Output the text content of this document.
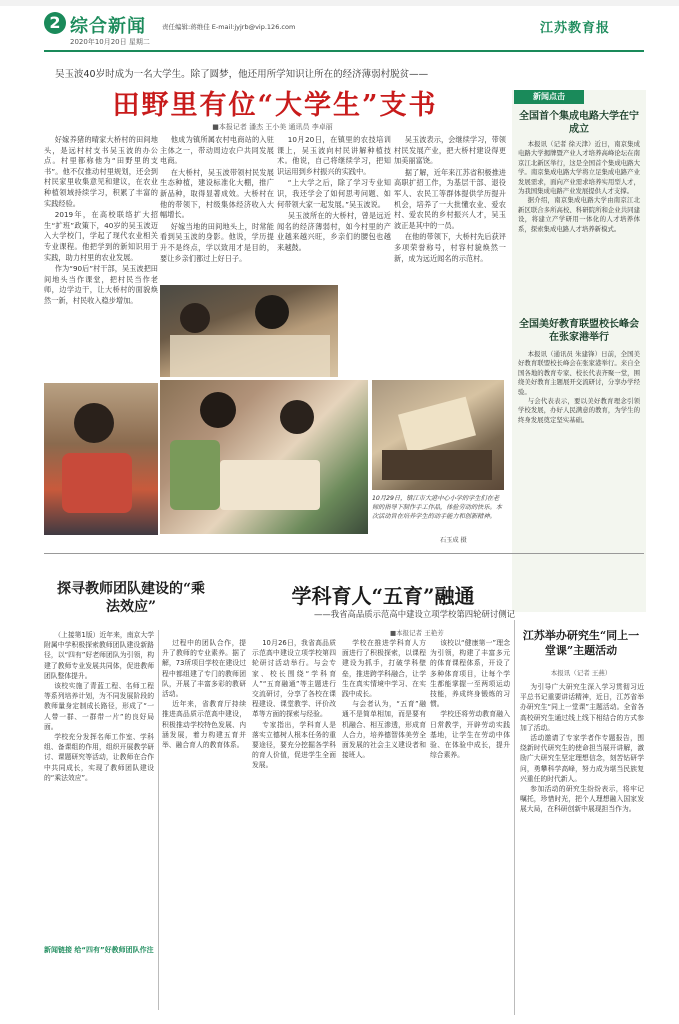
2 综合新闻
2020年10月20日 星期二
责任编辑:蒋维佳 E-mail:jyjrb@vip.126.com	江苏教育报
吴玉波40岁时成为一名大学生。除了圆梦，他还用所学知识让所在的经济薄弱村脱贫——
田野里有位“大学生”支书
■本报记者 潘杰 王小美 通讯员 李卓丽

好嫁养猪的晴家大桥村的田间地头，是远村村支书吴玉波的办公点。村里都称他为“田野里的支书”。他不仅推动村里规划，还会到村民家里收集意见和建议，在农业种植领域持续学习，积累了丰富的实践经验。

2019年，在高校联络扩大招生“扩班”政策下，40岁的吴玉波迈入大学校门，学起了现代农业相关专业课程。他把学到的新知识用于实践，助力村里的农业发展。

作为“90后”村干部，吴玉波把田间地头当作课堂，把村民当作老师，边学边干，让大桥村的面貌焕然一新，村民收入稳步增加。

他成为镇所属农村电商站的入驻主体之一，带动周边农户共同发展电商。

在大桥村，吴玉波带领村民发展生态种植，建设标准化大棚，推广新品种，取得显著成效。大桥村在他的带领下，村级集体经济收入大幅增长。

好嫁当地的田间地头上，时常能看到吴玉波的身影。他说，学历提升不是终点，学以致用才是目的，要让乡亲们都过上好日子。

10月20日，在镇里的农技培训课上，吴玉波向村民讲解种植技术。他说，自己将继续学习，把知识运用到乡村振兴的实践中。

“上大学之后，除了学习专业知识，我还学会了如何思考问题、如何带领大家一起发展。”吴玉波说。

吴玉波所在的大桥村，曾是远近闻名的经济薄弱村，如今村里的产业越来越兴旺，乡亲们的腰包也越来越鼓。

吴玉波表示，会继续学习，带领村民发展产业，把大桥村建设得更加美丽富饶。

据了解，近年来江苏省积极推进高职扩招工作，为基层干部、退役军人、农民工等群体提供学历提升机会，培养了一大批懂农业、爱农村、爱农民的乡村振兴人才，吴玉波正是其中的一员。

在他的带领下，大桥村先后获评多项荣誉称号，村容村貌焕然一新，成为远近闻名的示范村。

10月29日，镇江市大港中心小学的学生们在老师的指导下制作手工作品，体验劳动的快乐。本次活动旨在培养学生的动手能力和创新精神。
石玉成 摄
新闻点击
全国首个集成电路大学在宁成立

本报讯（记者 徐天津）近日，南京集成电路大学揭牌暨产业人才培养高峰论坛在南京江北新区举行，这是全国首个集成电路大学。南京集成电路大学将立足集成电路产业发展需求，面向产业需求培养实用型人才，为我国集成电路产业发展提供人才支撑。

据介绍，南京集成电路大学由南京江北新区联合多所高校、科研院所和企业共同建设，将建立产学研用一体化的人才培养体系，探索集成电路人才培养新模式。

全国美好教育联盟校长峰会在张家港举行

本报讯（通讯员 朱建锋）日前，全国美好教育联盟校长峰会在张家港举行。来自全国各地的教育专家、校长代表齐聚一堂，围绕美好教育主题展开交流研讨，分享办学经验。

与会代表表示，要以美好教育理念引领学校发展，办好人民满意的教育，为学生的终身发展奠定坚实基础。

探寻教师团队建设的“乘法效应”	学科育人“五育”融通
——我省高品质示范高中建设立项学校第四轮研讨侧记
■本报记者 王艳芳

（上接第1版）近年来，南京大学附属中学积极探索教师团队建设新路径，以“四有”好老师团队为引领，构建了教师专业发展共同体，促进教师团队整体提升。

该校实施了青蓝工程、名师工程等系列培养计划，为不同发展阶段的教师量身定制成长路径，形成了“一人带一群、一群带一片”的良好局面。

学校充分发挥名师工作室、学科组、备课组的作用，组织开展教学研讨、课题研究等活动，让教师在合作中共同成长，实现了教师团队建设的“乘法效应”。

新闻链接 给“四有”好教师团队作注

过程中的团队合作，提升了教师的专业素养。据了解，73所项目学校在建设过程中都组建了专门的教师团队，开展了丰富多彩的教研活动。

近年来，省教育厅持续推进高品质示范高中建设，积极推动学校特色发展、内涵发展，着力构建五育并举、融合育人的教育体系。

10月26日，我省高品质示范高中建设立项学校第四轮研讨活动举行。与会专家、校长围绕“学科育人”“五育融通”等主题进行交流研讨，分享了各校在课程建设、课堂教学、评价改革等方面的探索与经验。

专家指出，学科育人是落实立德树人根本任务的重要途径，要充分挖掘各学科的育人价值，促进学生全面发展。

学校在推进学科育人方面进行了积极探索，以课程建设为抓手，打破学科壁垒，推进跨学科融合，让学生在真实情境中学习、在实践中成长。

与会者认为，“五育”融通不是简单相加，而是要有机融合、相互渗透，形成育人合力，培养德智体美劳全面发展的社会主义建设者和接班人。

该校以“健康第一”理念为引领，构建了丰富多元的体育课程体系，开设了多种体育项目，让每个学生都能掌握一至两项运动技能，养成终身锻炼的习惯。

学校还将劳动教育融入日常教学，开辟劳动实践基地，让学生在劳动中体验、在体验中成长，提升综合素养。

江苏举办研究生“同上一堂课”主题活动
本报讯（记者 王燕）

为引导广大研究生深入学习贯彻习近平总书记重要讲话精神，近日，江苏省举办研究生“同上一堂课”主题活动。全省各高校研究生通过线上线下相结合的方式参加了活动。

活动邀请了专家学者作专题报告，围绕新时代研究生的使命担当展开讲解，激励广大研究生坚定理想信念，刻苦钻研学问，勇攀科学高峰，努力成为堪当民族复兴重任的时代新人。

参加活动的研究生纷纷表示，将牢记嘱托，珍惜时光，把个人理想融入国家发展大局，在科研创新中展现担当作为。
